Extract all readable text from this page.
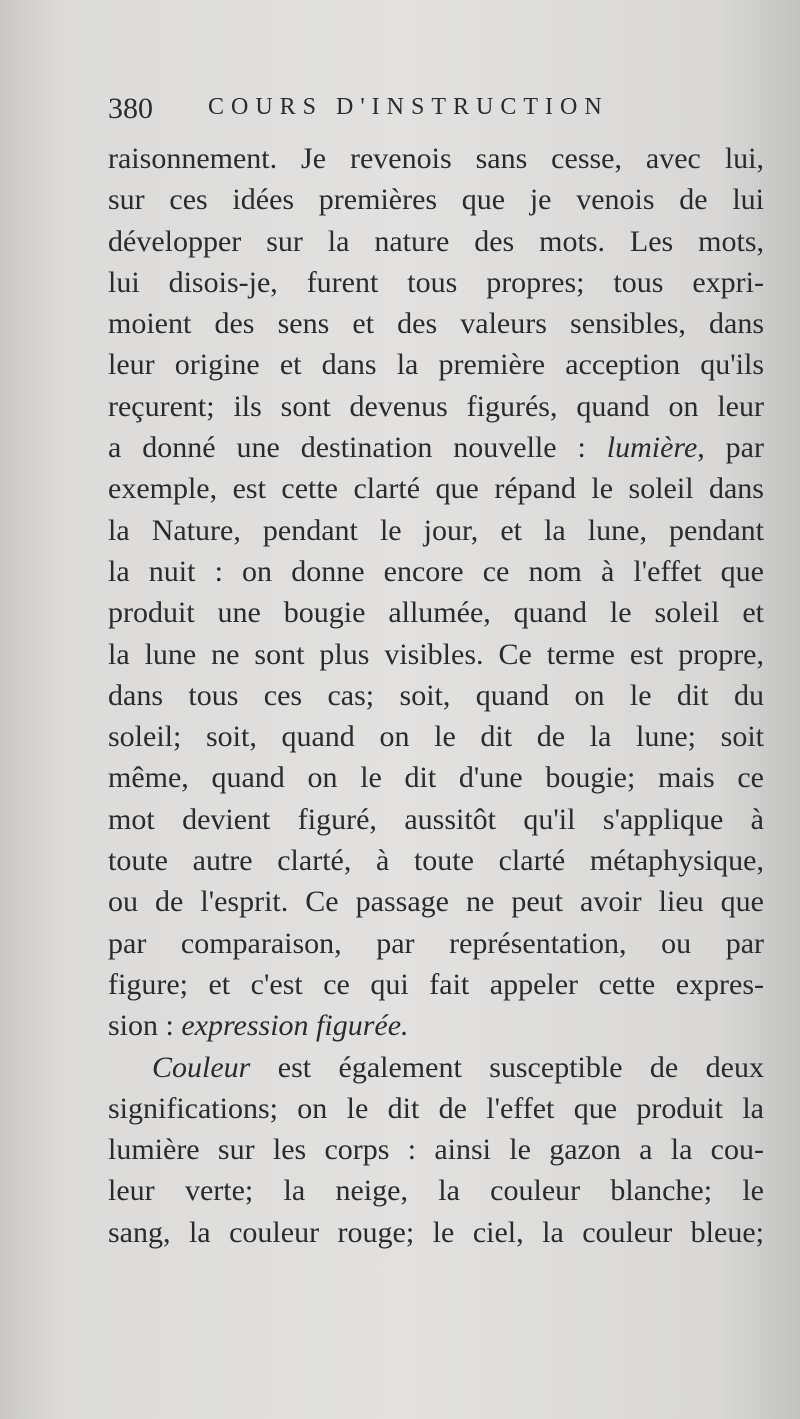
380 COURS D'INSTRUCTION
raisonnement. Je revenois sans cesse, avec lui,
sur ces idées premières que je venois de lui
développer sur la nature des mots. Les mots,
lui disois-je, furent tous propres; tous expri-
moient des sens et des valeurs sensibles, dans
leur origine et dans la première acception qu'ils
reçurent; ils sont devenus figurés, quand on leur
a donné une destination nouvelle : lumière, par
exemple, est cette clarté que répand le soleil dans
la Nature, pendant le jour, et la lune, pendant
la nuit : on donne encore ce nom à l'effet que
produit une bougie allumée, quand le soleil et
la lune ne sont plus visibles. Ce terme est propre,
dans tous ces cas; soit, quand on le dit du
soleil; soit, quand on le dit de la lune; soit
même, quand on le dit d'une bougie; mais ce
mot devient figuré, aussitôt qu'il s'applique à
toute autre clarté, à toute clarté métaphysique,
ou de l'esprit. Ce passage ne peut avoir lieu que
par comparaison, par représentation, ou par
figure; et c'est ce qui fait appeler cette expres-
sion : expression figurée.
Couleur est également susceptible de deux
significations; on le dit de l'effet que produit la
lumière sur les corps : ainsi le gazon a la cou-
leur verte; la neige, la couleur blanche; le
sang, la couleur rouge; le ciel, la couleur bleue;
